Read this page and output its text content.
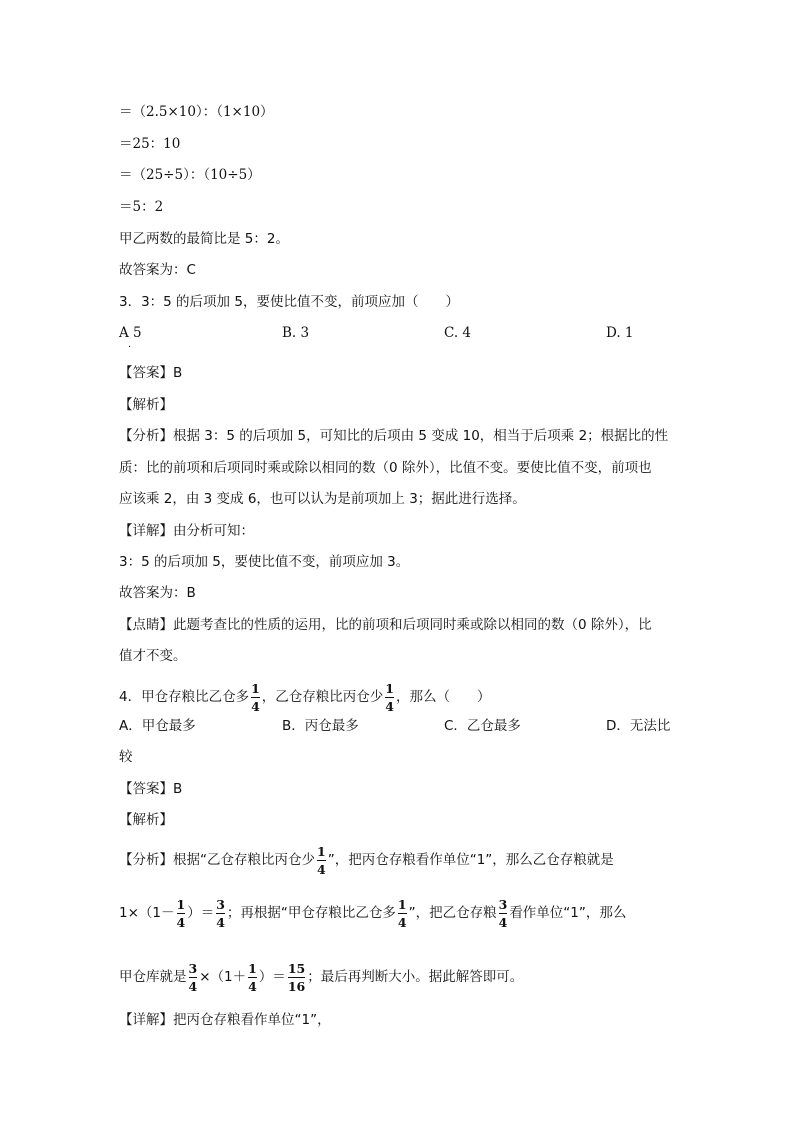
＝（2.5×10）：（1×10）
＝25：10
＝（25÷5）：（10÷5）
＝5：2
甲乙两数的最简比是 5：2。
故答案为：C
3．3：5 的后项加 5，要使比值不变，前项应加（　　）
A 5
.
B. 3	C. 4	D. 1
【答案】B
【解析】
【分析】根据 3：5 的后项加 5，可知比的后项由 5 变成 10，相当于后项乘 2；根据比的性
质：比的前项和后项同时乘或除以相同的数（0 除外），比值不变。要使比值不变，前项也
应该乘 2，由 3 变成 6，也可以认为是前项加上 3；据此进行选择。
【详解】由分析可知：
3：5 的后项加 5，要使比值不变，前项应加 3。
故答案为：B
【点睛】此题考查比的性质的运用，比的前项和后项同时乘或除以相同的数（0 除外），比
值才不变。
4．甲仓存粮比乙仓多 $\frac{1}{4}$ ，乙仓存粮比丙仓少 $\frac{1}{4}$ ，那么（　　）
A．甲仓最多	B．丙仓最多	C．乙仓最多	D．无法比
较
【答案】B
【解析】
【分析】根据“乙仓存粮比丙仓少 $\frac{1}{4}$ ”，把丙仓存粮看作单位“1”，那么乙仓存粮就是
$1\times(1- \frac{1}{4}$ ）＝ $\frac{3}{4}$ ；再根据“甲仓存粮比乙仓多 $\frac{1}{4}$ ”，把乙仓存粮 $\frac{3}{4}$ 看作单位“1”，那么
甲仓库就是 $\frac{3}{4} \times(1+ \frac{1}{4}$ ）＝ $\frac{15}{16}$ ；最后再判断大小。据此解答即可。
【详解】把丙仓存粮看作单位“1”，
